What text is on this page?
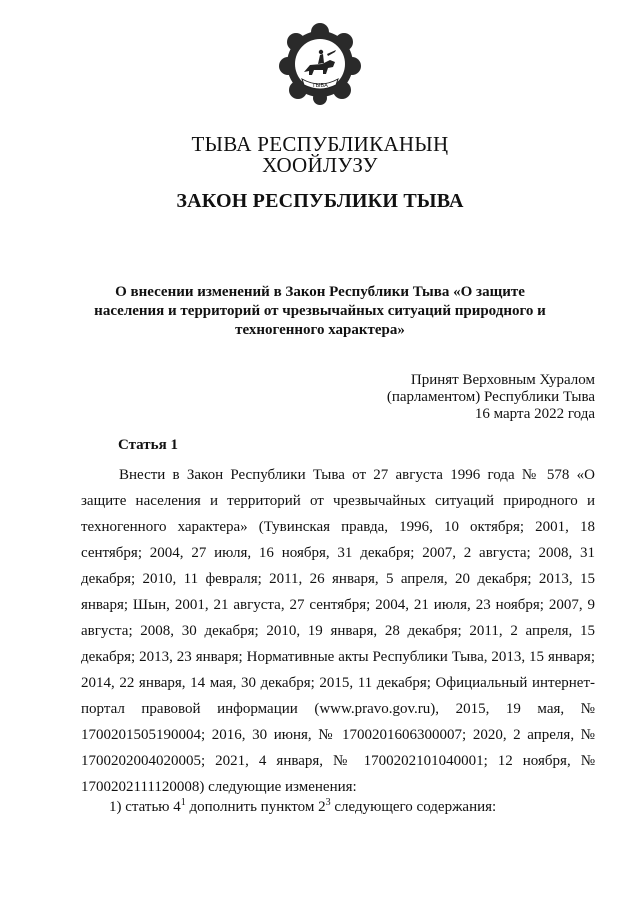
ТЫВА
ТЫВА РЕСПУБЛИКАНЫҢ
ХООЙЛУЗУ
ЗАКОН РЕСПУБЛИКИ ТЫВА
О внесении изменений в Закон Республики Тыва «О защите населения и территорий от чрезвычайных ситуаций природного и техногенного характера»
Принят Верховным Хуралом
(парламентом) Республики Тыва
16 марта 2022 года
Статья 1
Внести в Закон Республики Тыва от 27 августа 1996 года № 578 «О
защите населения и территорий от чрезвычайных ситуаций природного и
техногенного характера» (Тувинская правда, 1996, 10 октября; 2001, 18
сентября; 2004, 27 июля, 16 ноября, 31 декабря; 2007, 2 августа; 2008, 31
декабря; 2010, 11 февраля; 2011, 26 января, 5 апреля, 20 декабря; 2013, 15
января; Шын, 2001, 21 августа, 27 сентября; 2004, 21 июля, 23 ноября; 2007, 9
августа; 2008, 30 декабря; 2010, 19 января, 28 декабря; 2011, 2 апреля, 15
декабря; 2013, 23 января; Нормативные акты Республики Тыва, 2013, 15 января;
2014, 22 января, 14 мая, 30 декабря; 2015, 11 декабря; Официальный интернет-
портал правовой информации (www.pravo.gov.ru), 2015, 19 мая, №
1700201505190004; 2016, 30 июня, № 1700201606300007; 2020, 2 апреля, №
1700202004020005; 2021, 4 января, № 1700202101040001; 12 ноября, №
1700202111120008) следующие изменения:
1) статью $4^1$ дополнить пунктом $2^3$ следующего содержания:
